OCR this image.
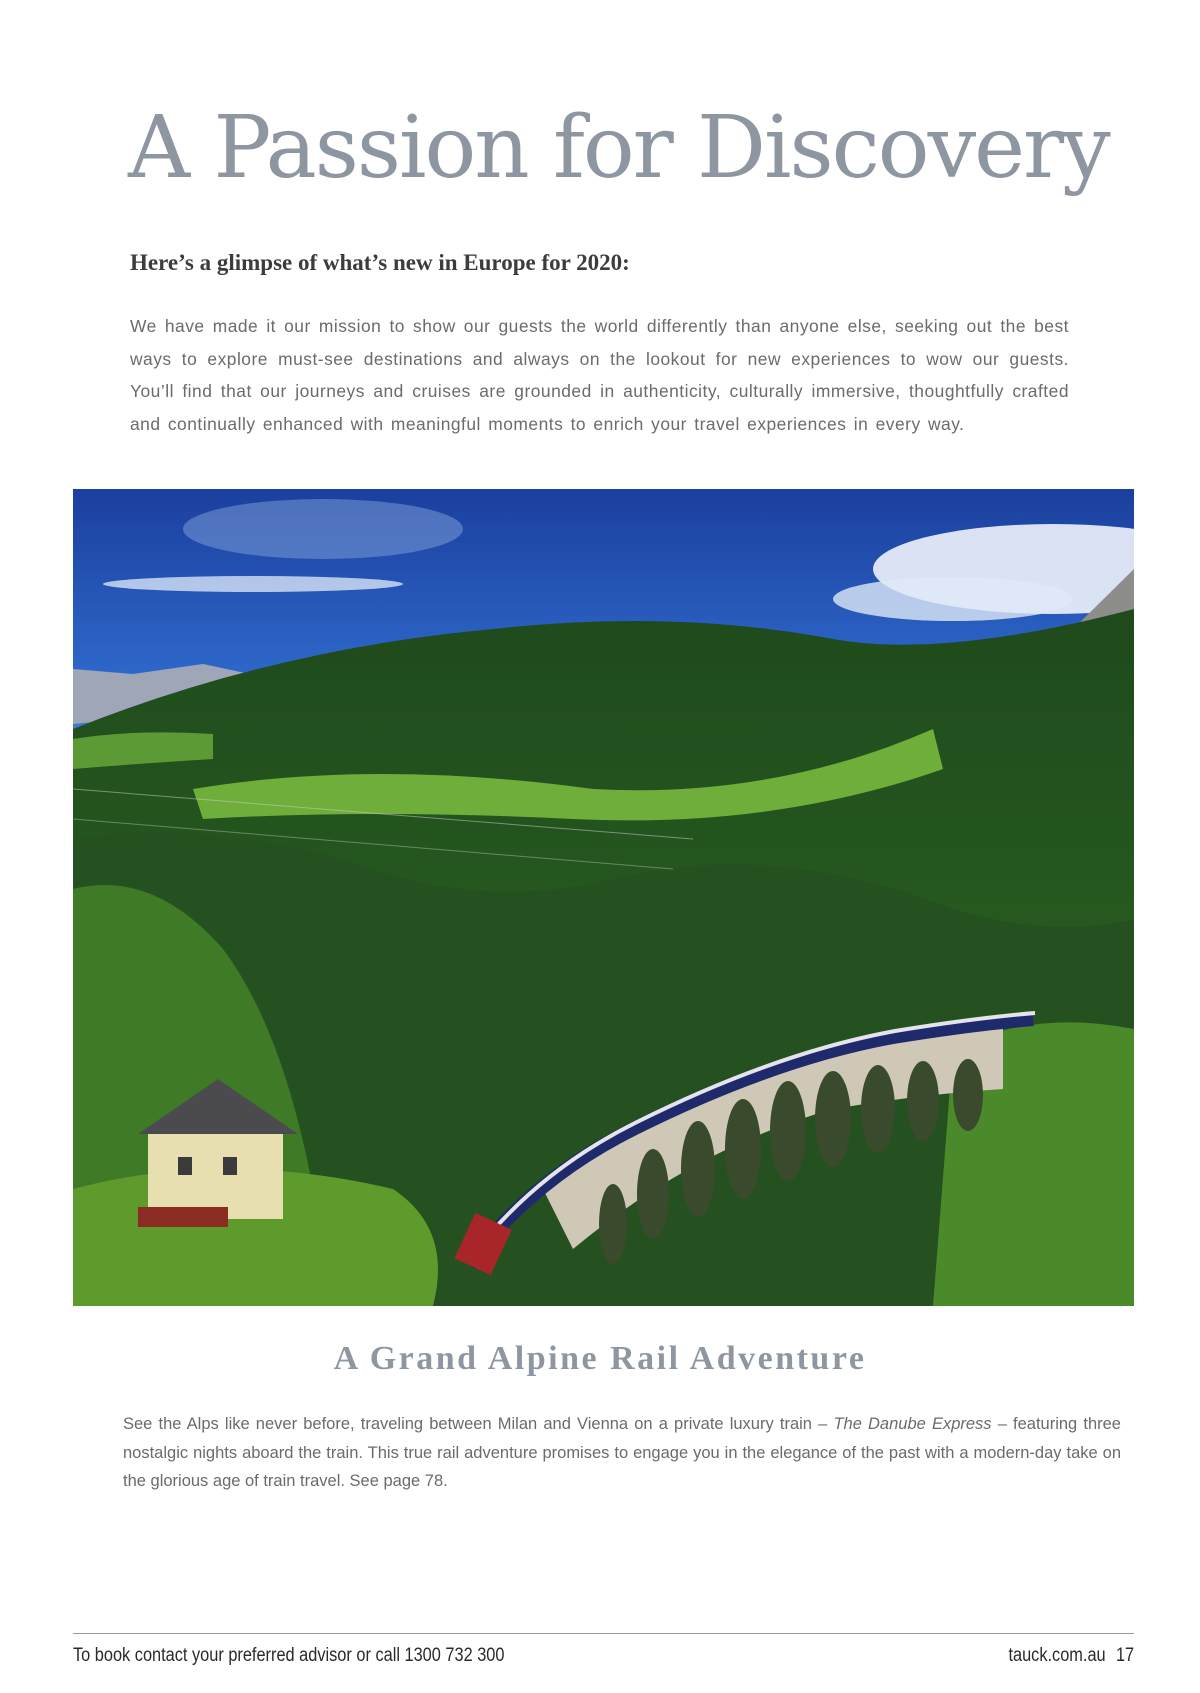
A Passion for Discovery
Here’s a glimpse of what’s new in Europe for 2020:

We have made it our mission to show our guests the world differently than anyone else, seeking out the best ways to explore must-see destinations and always on the lookout for new experiences to wow our guests. You’ll find that our journeys and cruises are grounded in authenticity, culturally immersive, thoughtfully crafted and continually enhanced with meaningful moments to enrich your travel experiences in every way.

A Grand Alpine Rail Adventure

See the Alps like never before, traveling between Milan and Vienna on a private luxury train – The Danube Express – featuring three nostalgic nights aboard the train. This true rail adventure promises to engage you in the elegance of the past with a modern-day take on the glorious age of train travel. See page 78.

To book contact your preferred advisor or call 1300 732 300	tauck.com.au 17
